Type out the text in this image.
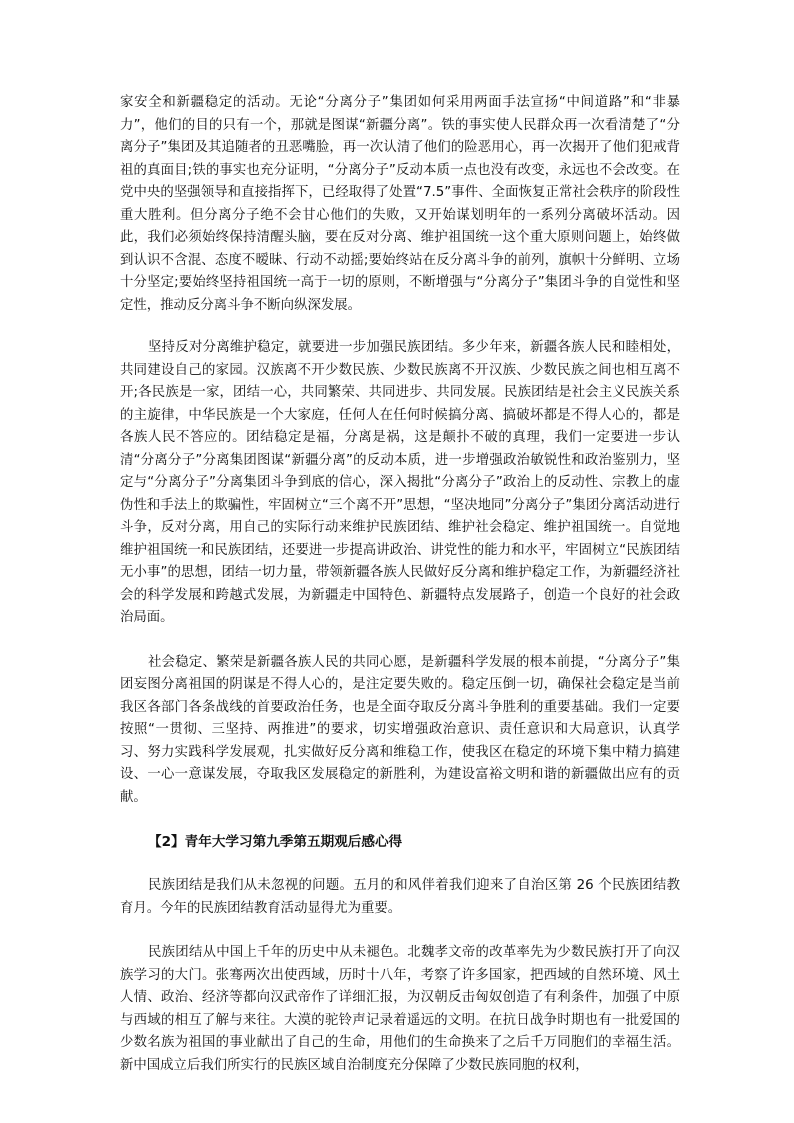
家安全和新疆稳定的活动。无论“分离分子”集团如何采用两面手法宣扬“中间道路”和“非暴力”，他们的目的只有一个，那就是图谋“新疆分离”。铁的事实使人民群众再一次看清楚了“分离分子”集团及其追随者的丑恶嘴脸，再一次认清了他们的险恶用心，再一次揭开了他们犯戒背祖的真面目;铁的事实也充分证明，“分离分子”反动本质一点也没有改变，永远也不会改变。在党中央的坚强领导和直接指挥下，已经取得了处置“7.5”事件、全面恢复正常社会秩序的阶段性重大胜利。但分离分子绝不会甘心他们的失败，又开始谋划明年的一系列分离破坏活动。因此，我们必须始终保持清醒头脑，要在反对分离、维护祖国统一这个重大原则问题上，始终做到认识不含混、态度不暧昧、行动不动摇;要始终站在反分离斗争的前列，旗帜十分鲜明、立场十分坚定;要始终坚持祖国统一高于一切的原则，不断增强与“分离分子”集团斗争的自觉性和坚定性，推动反分离斗争不断向纵深发展。

坚持反对分离维护稳定，就要进一步加强民族团结。多少年来，新疆各族人民和睦相处，共同建设自己的家园。汉族离不开少数民族、少数民族离不开汉族、少数民族之间也相互离不开;各民族是一家，团结一心，共同繁荣、共同进步、共同发展。民族团结是社会主义民族关系的主旋律，中华民族是一个大家庭，任何人在任何时候搞分离、搞破坏都是不得人心的，都是各族人民不答应的。团结稳定是福，分离是祸，这是颠扑不破的真理，我们一定要进一步认清“分离分子”分离集团图谋“新疆分离”的反动本质，进一步增强政治敏锐性和政治鉴别力，坚定与“分离分子”分离集团斗争到底的信心，深入揭批“分离分子”政治上的反动性、宗教上的虚伪性和手法上的欺骗性，牢固树立“三个离不开”思想，“坚决地同”分离分子”集团分离活动进行斗争，反对分离，用自己的实际行动来维护民族团结、维护社会稳定、维护祖国统一。自觉地维护祖国统一和民族团结，还要进一步提高讲政治、讲党性的能力和水平，牢固树立“民族团结无小事”的思想，团结一切力量，带领新疆各族人民做好反分离和维护稳定工作，为新疆经济社会的科学发展和跨越式发展，为新疆走中国特色、新疆特点发展路子，创造一个良好的社会政治局面。

社会稳定、繁荣是新疆各族人民的共同心愿，是新疆科学发展的根本前提，“分离分子”集团妄图分离祖国的阴谋是不得人心的，是注定要失败的。稳定压倒一切，确保社会稳定是当前我区各部门各条战线的首要政治任务，也是全面夺取反分离斗争胜利的重要基础。我们一定要按照“一贯彻、三坚持、两推进”的要求，切实增强政治意识、责任意识和大局意识，认真学习、努力实践科学发展观，扎实做好反分离和维稳工作，使我区在稳定的环境下集中精力搞建设、一心一意谋发展，夺取我区发展稳定的新胜利，为建设富裕文明和谐的新疆做出应有的贡献。

【2】青年大学习第九季第五期观后感心得

民族团结是我们从未忽视的问题。五月的和风伴着我们迎来了自治区第 26 个民族团结教育月。今年的民族团结教育活动显得尤为重要。

民族团结从中国上千年的历史中从未褪色。北魏孝文帝的改革率先为少数民族打开了向汉族学习的大门。张骞两次出使西域，历时十八年，考察了许多国家，把西域的自然环境、风土人情、政治、经济等都向汉武帝作了详细汇报，为汉朝反击匈奴创造了有利条件，加强了中原与西域的相互了解与来往。大漠的驼铃声记录着遥远的文明。在抗日战争时期也有一批爱国的少数名族为祖国的事业献出了自己的生命，用他们的生命换来了之后千万同胞们的幸福生活。新中国成立后我们所实行的民族区域自治制度充分保障了少数民族同胞的权利，
